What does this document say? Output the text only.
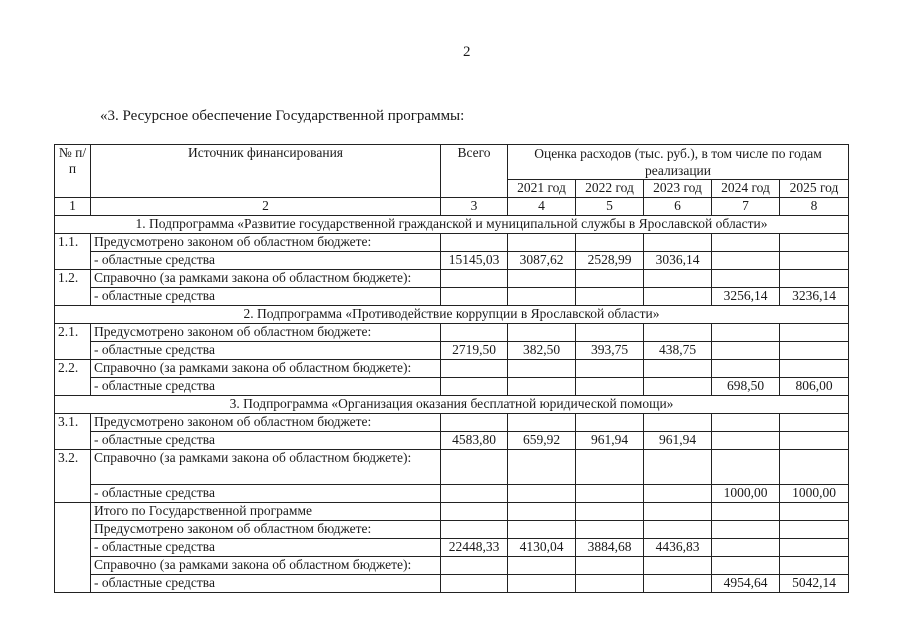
2
«3. Ресурсное обеспечение Государственной программы:
№ п/п	Источник финансирования	Всего	Оценка расходов (тыс. руб.), в том числе по годам реализации				
			2021 год	2022 год	2023 год	2024 год	2025 год
1	2	3	4	5	6	7	8
1. Подпрограмма «Развитие государственной гражданской и муниципальной службы в Ярославской области»							
1.1.	Предусмотрено законом об областном бюджете:						
	- областные средства	15145,03	3087,62	2528,99	3036,14		
1.2.	Справочно (за рамками закона об областном бюджете):						
	- областные средства					3256,14	3236,14
2. Подпрограмма «Противодействие коррупции в Ярославской области»							
2.1.	Предусмотрено законом об областном бюджете:						
	- областные средства	2719,50	382,50	393,75	438,75		
2.2.	Справочно (за рамками закона об областном бюджете):						
	- областные средства					698,50	806,00
3. Подпрограмма «Организация оказания бесплатной юридической помощи»							
3.1.	Предусмотрено законом об областном бюджете:						
	- областные средства	4583,80	659,92	961,94	961,94		
3.2.	Справочно (за рамками закона об областном бюджете):						
	- областные средства					1000,00	1000,00
	Итого по Государственной программе						
	Предусмотрено законом об областном бюджете:						
	- областные средства	22448,33	4130,04	3884,68	4436,83		
	Справочно (за рамками закона об областном бюджете):						
	- областные средства					4954,64	5042,14
